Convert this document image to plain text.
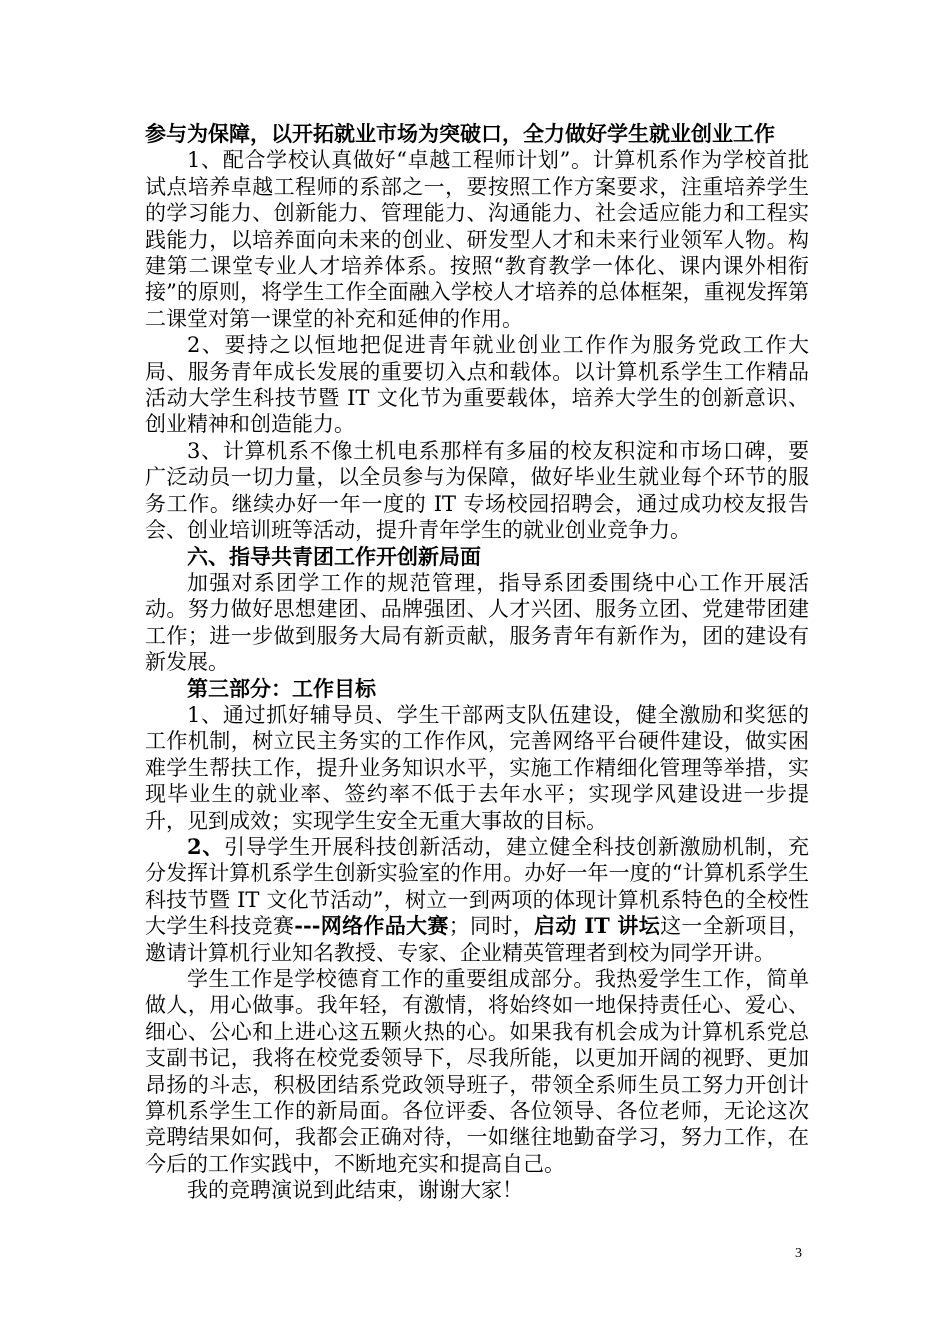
参与为保障，以开拓就业市场为突破口，全力做好学生就业创业工作

1、配合学校认真做好“卓越工程师计划”。计算机系作为学校首批试点培养卓越工程师的系部之一，要按照工作方案要求，注重培养学生的学习能力、创新能力、管理能力、沟通能力、社会适应能力和工程实践能力，以培养面向未来的创业、研发型人才和未来行业领军人物。构建第二课堂专业人才培养体系。按照“教育教学一体化、课内课外相衔接”的原则，将学生工作全面融入学校人才培养的总体框架，重视发挥第二课堂对第一课堂的补充和延伸的作用。

2、要持之以恒地把促进青年就业创业工作作为服务党政工作大局、服务青年成长发展的重要切入点和载体。以计算机系学生工作精品活动大学生科技节暨 IT 文化节为重要载体，培养大学生的创新意识、创业精神和创造能力。

3、计算机系不像土机电系那样有多届的校友积淀和市场口碑，要广泛动员一切力量，以全员参与为保障，做好毕业生就业每个环节的服务工作。继续办好一年一度的 IT 专场校园招聘会，通过成功校友报告会、创业培训班等活动，提升青年学生的就业创业竞争力。

六、指导共青团工作开创新局面

加强对系团学工作的规范管理，指导系团委围绕中心工作开展活动。努力做好思想建团、品牌强团、人才兴团、服务立团、党建带团建工作；进一步做到服务大局有新贡献，服务青年有新作为，团的建设有新发展。

第三部分：工作目标

1、通过抓好辅导员、学生干部两支队伍建设，健全激励和奖惩的工作机制，树立民主务实的工作作风，完善网络平台硬件建设，做实困难学生帮扶工作，提升业务知识水平，实施工作精细化管理等举措，实现毕业生的就业率、签约率不低于去年水平；实现学风建设进一步提升，见到成效；实现学生安全无重大事故的目标。

2、引导学生开展科技创新活动，建立健全科技创新激励机制，充分发挥计算机系学生创新实验室的作用。办好一年一度的“计算机系学生科技节暨 IT 文化节活动”，树立一到两项的体现计算机系特色的全校性大学生科技竞赛---网络作品大赛；同时，启动 IT 讲坛这一全新项目，邀请计算机行业知名教授、专家、企业精英管理者到校为同学开讲。

学生工作是学校德育工作的重要组成部分。我热爱学生工作，简单做人，用心做事。我年轻，有激情，将始终如一地保持责任心、爱心、细心、公心和上进心这五颗火热的心。如果我有机会成为计算机系党总支副书记，我将在校党委领导下，尽我所能，以更加开阔的视野、更加昂扬的斗志，积极团结系党政领导班子，带领全系师生员工努力开创计算机系学生工作的新局面。各位评委、各位领导、各位老师，无论这次竞聘结果如何，我都会正确对待，一如继往地勤奋学习，努力工作，在今后的工作实践中，不断地充实和提高自己。

我的竞聘演说到此结束，谢谢大家！

3
